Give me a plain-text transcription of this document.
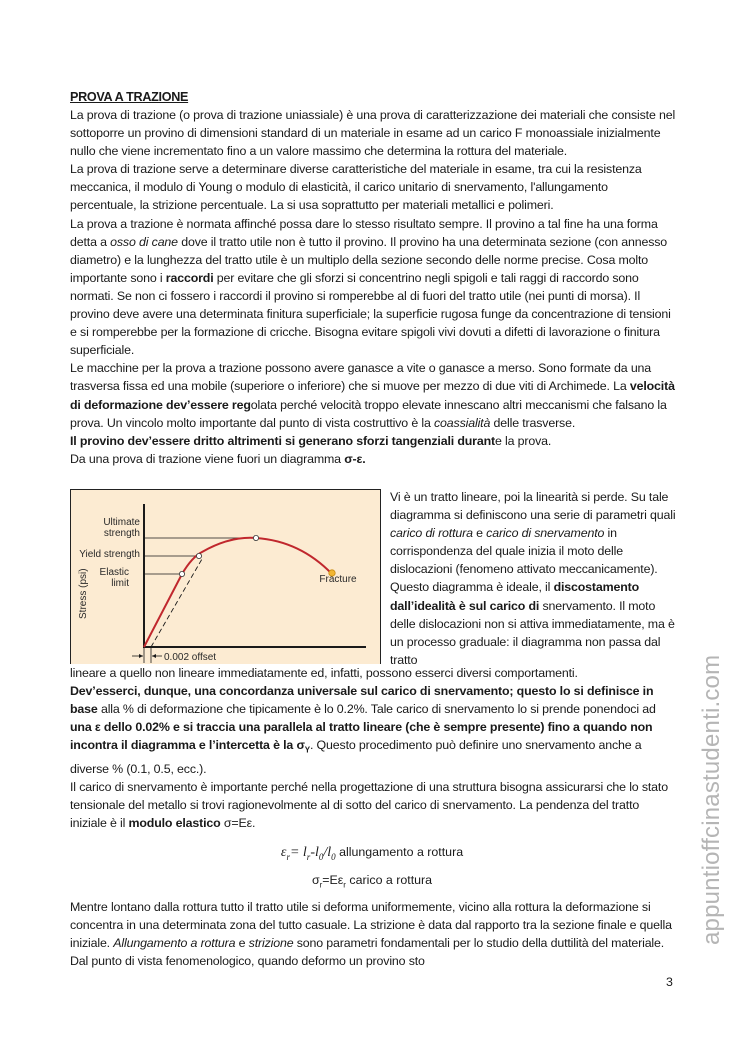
PROVA A TRAZIONE

La prova di trazione (o prova di trazione uniassiale) è una prova di caratterizzazione dei materiali che consiste nel sottoporre un provino di dimensioni standard di un materiale in esame ad un carico F monoassiale inizialmente nullo che viene incrementato fino a un valore massimo che determina la rottura del materiale.

La prova di trazione serve a determinare diverse caratteristiche del materiale in esame, tra cui la resistenza meccanica, il modulo di Young o modulo di elasticità, il carico unitario di snervamento, l'allungamento percentuale, la strizione percentuale. La si usa soprattutto per materiali metallici e polimeri.

La prova a trazione è normata affinché possa dare lo stesso risultato sempre. Il provino a tal fine ha una forma detta a osso di cane dove il tratto utile non è tutto il provino. Il provino ha una determinata sezione (con annesso diametro) e la lunghezza del tratto utile è un multiplo della sezione secondo delle norme precise. Cosa molto importante sono i raccordi per evitare che gli sforzi si concentrino negli spigoli e tali raggi di raccordo sono normati. Se non ci fossero i raccordi il provino si romperebbe al di fuori del tratto utile (nei punti di morsa). Il provino deve avere una determinata finitura superficiale; la superficie rugosa funge da concentrazione di tensioni e si romperebbe per la formazione di cricche. Bisogna evitare spigoli vivi dovuti a difetti di lavorazione o finitura superficiale.

Le macchine per la prova a trazione possono avere ganasce a vite o ganasce a merso. Sono formate da una trasversa fissa ed una mobile (superiore o inferiore) che si muove per mezzo di due viti di Archimede. La velocità di deformazione dev’essere regolata perché velocità troppo elevate innescano altri meccanismi che falsano la prova. Un vincolo molto importante dal punto di vista costruttivo è la coassialità delle trasverse.
Il provino dev’essere dritto altrimenti si generano sforzi tangenziali durante la prova.

Da una prova di trazione viene fuori un diagramma σ-ε.

Ultimate
strength
Yield strength
Elastic
limit	Fracture
Stress (psi)
0.002 offset

Vi è un tratto lineare, poi la linearità si perde. Su tale diagramma si definiscono una serie di parametri quali carico di rottura e carico di snervamento in corrispondenza del quale inizia il moto delle dislocazioni (fenomeno attivato meccanicamente). Questo diagramma è ideale, il discostamento dall’idealità è sul carico di snervamento. Il moto delle dislocazioni non si attiva immediatamente, ma è un processo graduale: il diagramma non passa dal tratto

lineare a quello non lineare immediatamente ed, infatti, possono esserci diversi comportamenti.
Dev’esserci, dunque, una concordanza universale sul carico di snervamento; questo lo si definisce in base alla % di deformazione che tipicamente è lo 0.2%. Tale carico di snervamento lo si prende ponendoci ad una ε dello 0.02% e si traccia una parallela al tratto lineare (che è sempre presente) fino a quando non incontra il diagramma e l’intercetta è la $\sigma_Y$. Questo procedimento può definire uno snervamento anche a diverse % (0.1, 0.5, ecc.).

Il carico di snervamento è importante perché nella progettazione di una struttura bisogna assicurarsi che lo stato tensionale del metallo si trovi ragionevolmente al di sotto del carico di snervamento. La pendenza del tratto iniziale è il modulo elastico σ=Eε.

$\varepsilon_r= l_r-l_0/l_0$ allungamento a rottura

$\sigma_r=E\varepsilon_r$ carico a rottura

Mentre lontano dalla rottura tutto il tratto utile si deforma uniformemente, vicino alla rottura la deformazione si concentra in una determinata zona del tutto casuale. La strizione è data dal rapporto tra la sezione finale e quella iniziale. Allungamento a rottura e strizione sono parametri fondamentali per lo studio della duttilità del materiale. Dal punto di vista fenomenologico, quando deformo un provino sto

3
appuntioffcinastudenti.com
